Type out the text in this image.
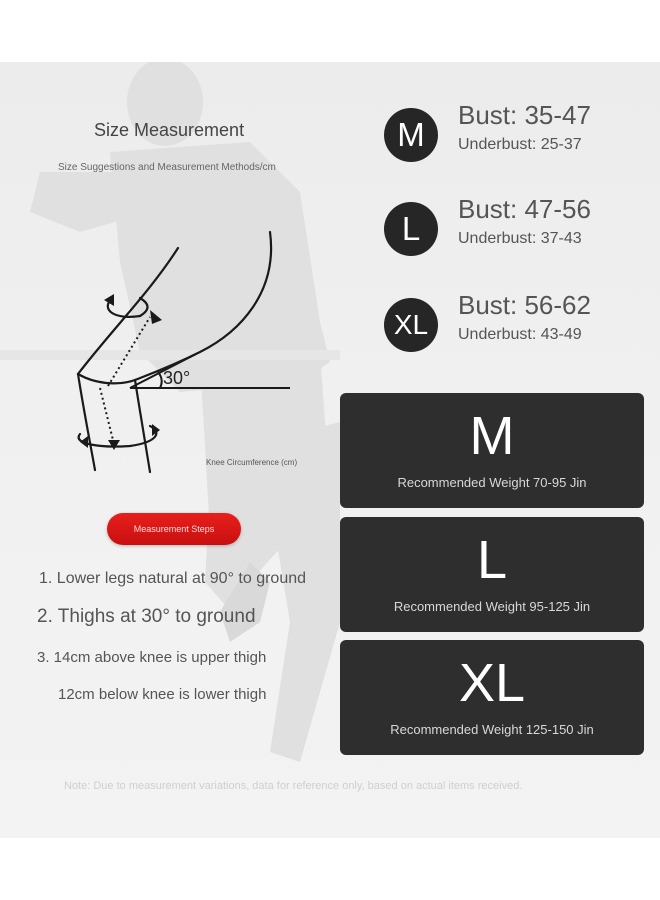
Size Measurement
Size Suggestions and Measurement Methods/cm
30°
Knee Circumference (cm)
Measurement Steps
1. Lower legs natural at 90° to ground
2. Thighs at 30° to ground
3. 14cm above knee is upper thigh
12cm below knee is lower thigh
M
Bust: 35-47
Underbust: 25-37
L
Bust: 47-56
Underbust: 37-43
XL
Bust: 56-62
Underbust: 43-49
M
Recommended Weight 70-95 Jin
L
Recommended Weight 95-125 Jin
XL
Recommended Weight 125-150 Jin
Note: Due to measurement variations, data for reference only, based on actual items received.
